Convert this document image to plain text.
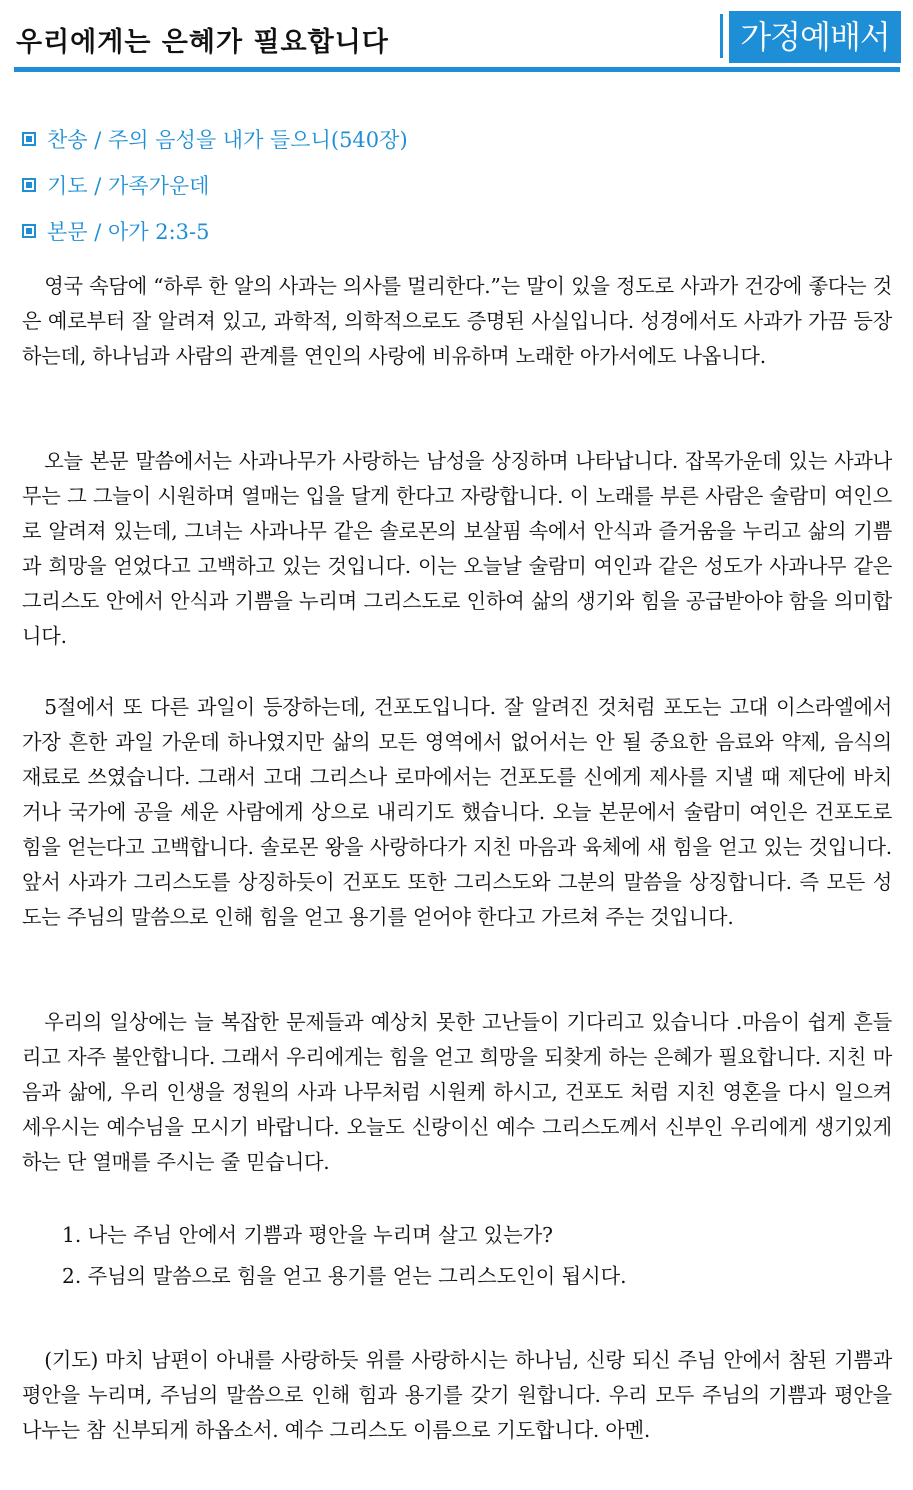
우리에게는 은혜가 필요합니다	가정예배서
찬송 / 주의 음성을 내가 들으니(540장)
기도 / 가족가운데
본문 / 아가 2:3-5

영국 속담에 “하루 한 알의 사과는 의사를 멀리한다.”는 말이 있을 정도로 사과가 건강에 좋다는 것은 예로부터 잘 알려져 있고, 과학적, 의학적으로도 증명된 사실입니다. 성경에서도 사과가 가끔 등장하는데, 하나님과 사람의 관계를 연인의 사랑에 비유하며 노래한 아가서에도 나옵니다.

오늘 본문 말씀에서는 사과나무가 사랑하는 남성을 상징하며 나타납니다. 잡목가운데 있는 사과나무는 그 그늘이 시원하며 열매는 입을 달게 한다고 자랑합니다. 이 노래를 부른 사람은 술람미 여인으로 알려져 있는데, 그녀는 사과나무 같은 솔로몬의 보살핌 속에서 안식과 즐거움을 누리고 삶의 기쁨과 희망을 얻었다고 고백하고 있는 것입니다. 이는 오늘날 술람미 여인과 같은 성도가 사과나무 같은 그리스도 안에서 안식과 기쁨을 누리며 그리스도로 인하여 삶의 생기와 힘을 공급받아야 함을 의미합니다.

5절에서 또 다른 과일이 등장하는데, 건포도입니다. 잘 알려진 것처럼 포도는 고대 이스라엘에서 가장 흔한 과일 가운데 하나였지만 삶의 모든 영역에서 없어서는 안 될 중요한 음료와 약제, 음식의 재료로 쓰였습니다. 그래서 고대 그리스나 로마에서는 건포도를 신에게 제사를 지낼 때 제단에 바치거나 국가에 공을 세운 사람에게 상으로 내리기도 했습니다. 오늘 본문에서 술람미 여인은 건포도로 힘을 얻는다고 고백합니다. 솔로몬 왕을 사랑하다가 지친 마음과 육체에 새 힘을 얻고 있는 것입니다. 앞서 사과가 그리스도를 상징하듯이 건포도 또한 그리스도와 그분의 말씀을 상징합니다. 즉 모든 성도는 주님의 말씀으로 인해 힘을 얻고 용기를 얻어야 한다고 가르쳐 주는 것입니다.

우리의 일상에는 늘 복잡한 문제들과 예상치 못한 고난들이 기다리고 있습니다 .마음이 쉽게 흔들리고 자주 불안합니다. 그래서 우리에게는 힘을 얻고 희망을 되찾게 하는 은혜가 필요합니다. 지친 마음과 삶에, 우리 인생을 정원의 사과 나무처럼 시원케 하시고, 건포도 처럼 지친 영혼을 다시 일으켜 세우시는 예수님을 모시기 바랍니다. 오늘도 신랑이신 예수 그리스도께서 신부인 우리에게 생기있게 하는 단 열매를 주시는 줄 믿습니다.

1. 나는 주님 안에서 기쁨과 평안을 누리며 살고 있는가?
2. 주님의 말씀으로 힘을 얻고 용기를 얻는 그리스도인이 됩시다.

(기도) 마치 남편이 아내를 사랑하듯 위를 사랑하시는 하나님, 신랑 되신 주님 안에서 참된 기쁨과 평안을 누리며, 주님의 말씀으로 인해 힘과 용기를 갖기 원합니다. 우리 모두 주님의 기쁨과 평안을 나누는 참 신부되게 하옵소서. 예수 그리스도 이름으로 기도합니다. 아멘.
